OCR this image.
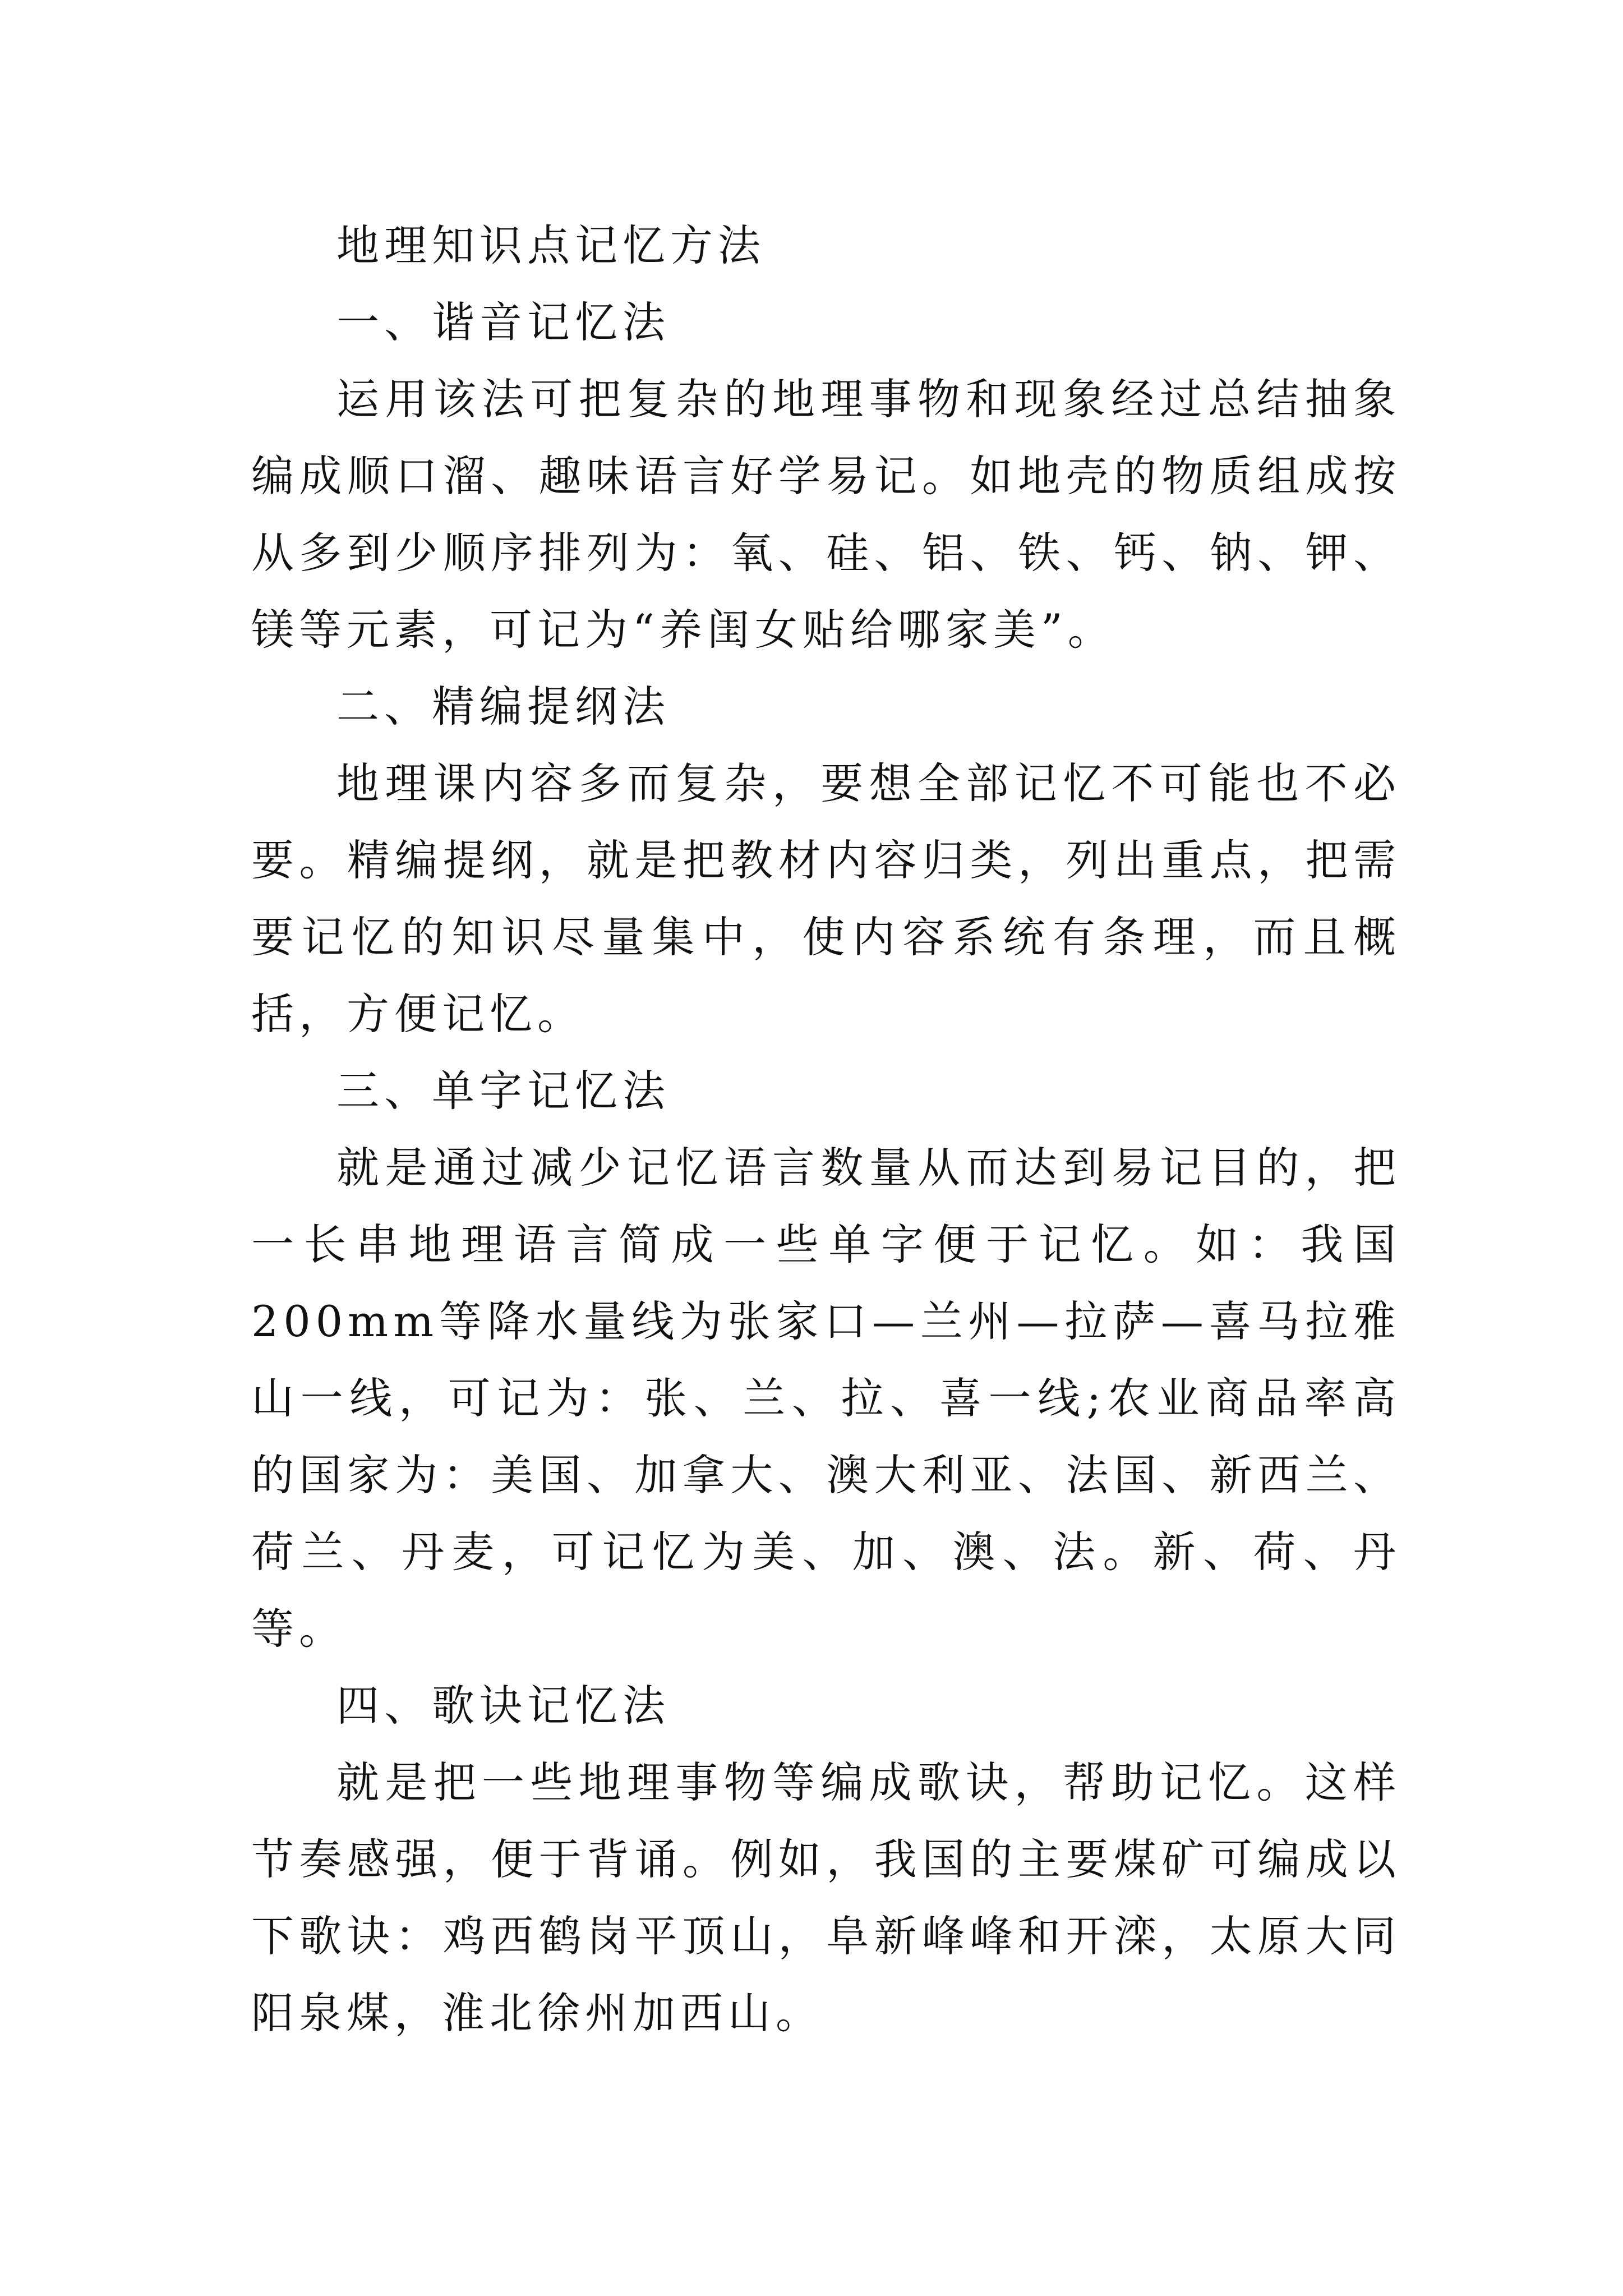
地理知识点记忆方法

一、谐音记忆法

运用该法可把复杂的地理事物和现象经过总结抽象编成顺口溜、趣味语言好学易记。如地壳的物质组成按从多到少顺序排列为：氧、硅、铝、铁、钙、钠、钾、镁等元素，可记为“养闺女贴给哪家美”。

二、精编提纲法

地理课内容多而复杂，要想全部记忆不可能也不必要。精编提纲，就是把教材内容归类，列出重点，把需要记忆的知识尽量集中，使内容系统有条理，而且概括，方便记忆。

三、单字记忆法

就是通过减少记忆语言数量从而达到易记目的，把一长串地理语言简成一些单字便于记忆。如：我国200mm等降水量线为张家口—兰州—拉萨—喜马拉雅山一线，可记为：张、兰、拉、喜一线;农业商品率高的国家为：美国、加拿大、澳大利亚、法国、新西兰、荷兰、丹麦，可记忆为美、加、澳、法。新、荷、丹等。

四、歌诀记忆法

就是把一些地理事物等编成歌诀，帮助记忆。这样节奏感强，便于背诵。例如，我国的主要煤矿可编成以下歌诀：鸡西鹤岗平顶山，阜新峰峰和开滦，太原大同阳泉煤，淮北徐州加西山。
